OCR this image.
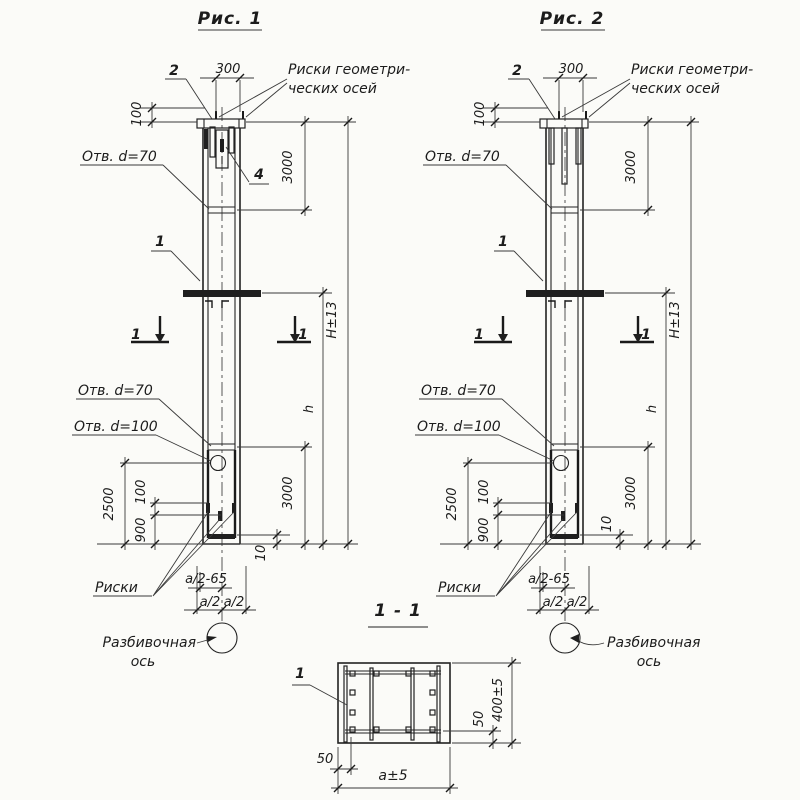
Рис. 1
2	300
100
Риски геометри-
ческих осей
Отв. d=70
4 3000
1
H±13
h
1	1
Отв. d=70
Отв. d=100
2500 100
900
3000
10
Риски
a/2-65
a/2 a/2
Разбивочная
ось
Рис. 2
2	300
100
Риски геометри-
ческих осей
Отв. d=70	3000
1
H±13
h
1	1
Отв. d=70
Отв. d=100
2500 100
900
3000
10
Риски
a/2-65
a/2 a/2
Разбивочная
ось
1 - 1
1
400±5
50
50
a±5
